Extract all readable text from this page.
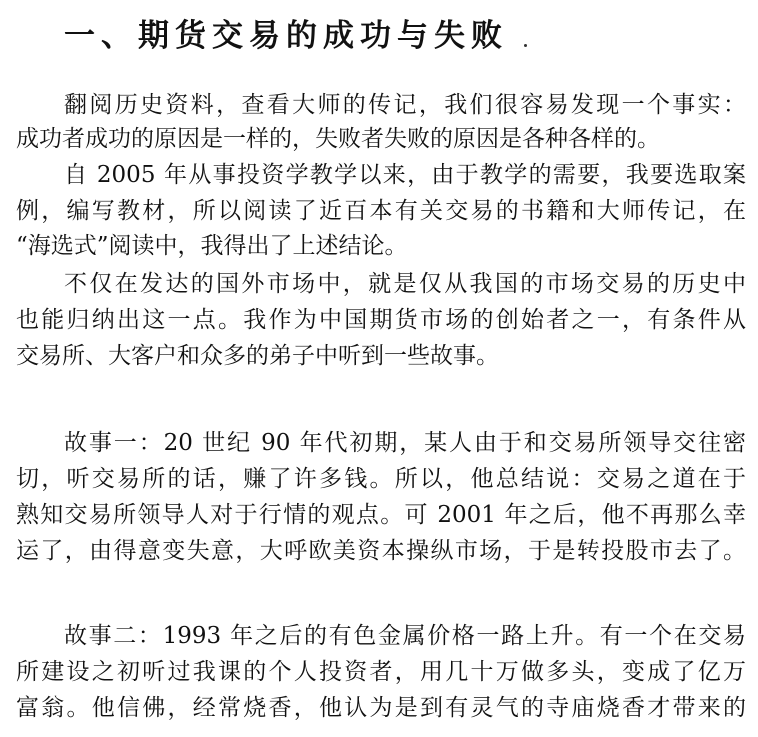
一、期货交易的成功与失败

翻阅历史资料，查看大师的传记，我们很容易发现一个事实：

成功者成功的原因是一样的，失败者失败的原因是各种各样的。

自 2005 年从事投资学教学以来，由于教学的需要，我要选取案

例，编写教材，所以阅读了近百本有关交易的书籍和大师传记，在

“海选式”阅读中，我得出了上述结论。

不仅在发达的国外市场中，就是仅从我国的市场交易的历史中

也能归纳出这一点。我作为中国期货市场的创始者之一，有条件从

交易所、大客户和众多的弟子中听到一些故事。

故事一：20 世纪 90 年代初期，某人由于和交易所领导交往密

切，听交易所的话，赚了许多钱。所以，他总结说：交易之道在于

熟知交易所领导人对于行情的观点。可 2001 年之后，他不再那么幸

运了，由得意变失意，大呼欧美资本操纵市场，于是转投股市去了。

故事二：1993 年之后的有色金属价格一路上升。有一个在交易

所建设之初听过我课的个人投资者，用几十万做多头，变成了亿万

富翁。他信佛，经常烧香，他认为是到有灵气的寺庙烧香才带来的
